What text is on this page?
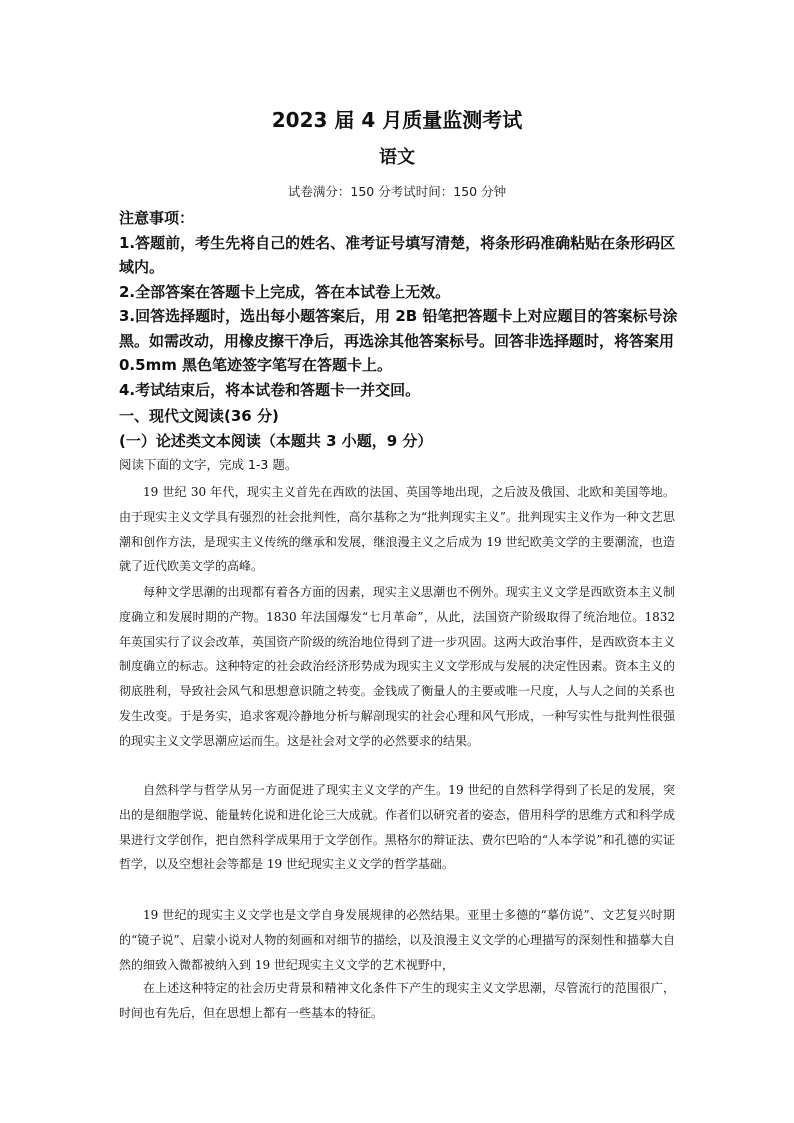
2023 届 4 月质量监测考试
语文
试卷满分：150 分考试时间：150 分钟
注意事项：
1.答题前，考生先将自己的姓名、准考证号填写清楚，将条形码准确粘贴在条形码区域内。
2.全部答案在答题卡上完成，答在本试卷上无效。
3.回答选择题时，选出每小题答案后，用 2B 铅笔把答题卡上对应题目的答案标号涂黑。如需改动，用橡皮擦干净后，再选涂其他答案标号。回答非选择题时，将答案用 0.5mm 黑色笔迹签字笔写在答题卡上。
4.考试结束后，将本试卷和答题卡一并交回。
一、现代文阅读(36 分)
(一）论述类文本阅读（本题共 3 小题，9 分）
阅读下面的文字，完成 1-3 题。

19 世纪 30 年代，现实主义首先在西欧的法国、英国等地出现，之后波及俄国、北欧和美国等地。由于现实主义文学具有强烈的社会批判性，高尔基称之为“批判现实主义”。批判现实主义作为一种文艺思潮和创作方法，是现实主义传统的继承和发展，继浪漫主义之后成为 19 世纪欧美文学的主要潮流，也造就了近代欧美文学的高峰。

每种文学思潮的出现都有着各方面的因素，现实主义思潮也不例外。现实主义文学是西欧资本主义制度确立和发展时期的产物。1830 年法国爆发“七月革命”，从此，法国资产阶级取得了统治地位。1832 年英国实行了议会改革，英国资产阶级的统治地位得到了进一步巩固。这两大政治事件，是西欧资本主义制度确立的标志。这种特定的社会政治经济形势成为现实主义文学形成与发展的决定性因素。资本主义的彻底胜利，导致社会风气和思想意识随之转变。金钱成了衡量人的主要或唯一尺度，人与人之间的关系也发生改变。于是务实，追求客观冷静地分析与解剖现实的社会心理和风气形成，一种写实性与批判性很强的现实主义文学思潮应运而生。这是社会对文学的必然要求的结果。

自然科学与哲学从另一方面促进了现实主义文学的产生。19 世纪的自然科学得到了长足的发展，突出的是细胞学说、能量转化说和进化论三大成就。作者们以研究者的姿态，借用科学的思维方式和科学成果进行文学创作，把自然科学成果用于文学创作。黑格尔的辩证法、费尔巴哈的“人本学说”和孔德的实证哲学，以及空想社会等都是 19 世纪现实主义文学的哲学基础。

19 世纪的现实主义文学也是文学自身发展规律的必然结果。亚里士多德的“摹仿说”、文艺复兴时期的“镜子说”、启蒙小说对人物的刻画和对细节的描绘，以及浪漫主义文学的心理描写的深刻性和描摹大自然的细致入微都被纳入到 19 世纪现实主义文学的艺术视野中，

在上述这种特定的社会历史背景和精神文化条件下产生的现实主义文学思潮，尽管流行的范围很广，时间也有先后，但在思想上都有一些基本的特征。
